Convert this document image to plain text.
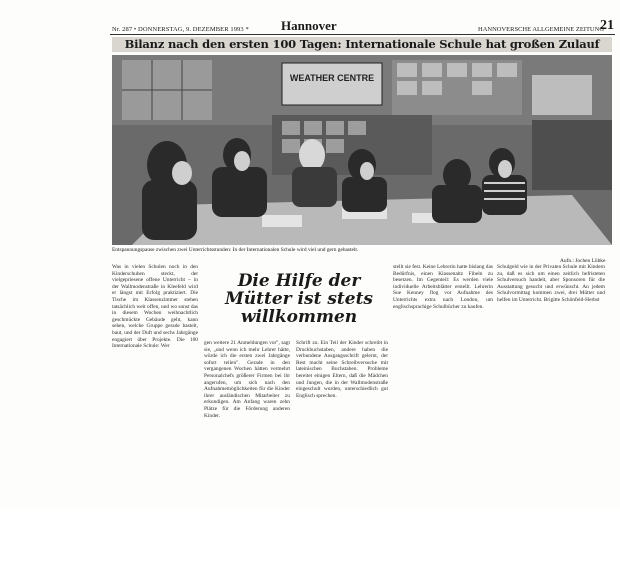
Nr. 287 • DONNERSTAG, 9. DEZEMBER 1993 * Hannover	HANNOVERSCHE ALLGEMEINE ZEITUNG
21
Bilanz nach den ersten 100 Tagen: Internationale Schule hat großen Zulauf
WEATHER CENTRE
Entspannungspause zwischen zwei Unterrichtsstunden: In der Internationalen Schule wird viel und gern gebastelt.
Aufn.: Jochen Lübke
Was in vielen Schulen noch in den Kinderschuhen steckt, der vielgepriesene offene Unterricht – in der Wallmodenstraße in Kleefeld wird er längst mit Erfolg praktiziert. Die Tische im Klassenzimmer stehen tatsächlich weit offen, und wo sonst das in diesem Wochen weihnachtlich geschmückte Gebäude geht, kann sehen, welche Gruppe gerade bastelt, baut, und der Duft und sechs Jahrgänge engagiert über Projekte. Die 100 Internationale Schule: Wer
Die Hilfe der Mütter ist stets willkommen
gen weitere 21 Anmeldungen vor", sagt sie, „und wenn ich mehr Lehrer hätte, würde ich die ersten zwei Jahrgänge sofort teilen". Gerade in den vergangenen Wochen hätten vermehrt Personalchefs größerer Firmen bei ihr angerufen, um sich nach den Aufnahmemöglichkeiten für die Kinder ihrer ausländischen Mitarbeiter zu erkundigen. Am Anfang waren zehn Plätze für die Förderung anderen Kinder.
Schrift zu. Ein Teil der Kinder schreibt in Druckbuchstaben, andere haben die verbundene Ausgangsschrift gelernt, der Rest macht seine Schreibversuche mit lateinischen Buchstaben. Probleme bereitet einigen Eltern, daß die Mädchen und Jungen, die in der Wallmodenstraße eingeschult wurden, unterschiedlich gut Englisch sprechen.
stellt sie fest. Keine Lehrerin hatte bislang das Bedürfnis, einen Klassenaltz Fibeln zu besetzen. Im Gegenteil: Es werden viele individuelle Arbeitsblätter erstellt. Lehrerin Sue Kenney flog vor Aufnahme des Unterrichts extra nach London, um englischsprachige Schulbücher zu kaufen.
Schulgeld wie in der Privaten Schule mit Kindern zu, daß es sich um einen zeitlich befristeten Schulversuch handelt, aber Sponsoren für die Ausstattung gesucht und erwünscht. An jedem Schulvormittag kommen zwei, drei Mütter und helfen im Unterricht. Brigitte Schönfeld-Herbst
